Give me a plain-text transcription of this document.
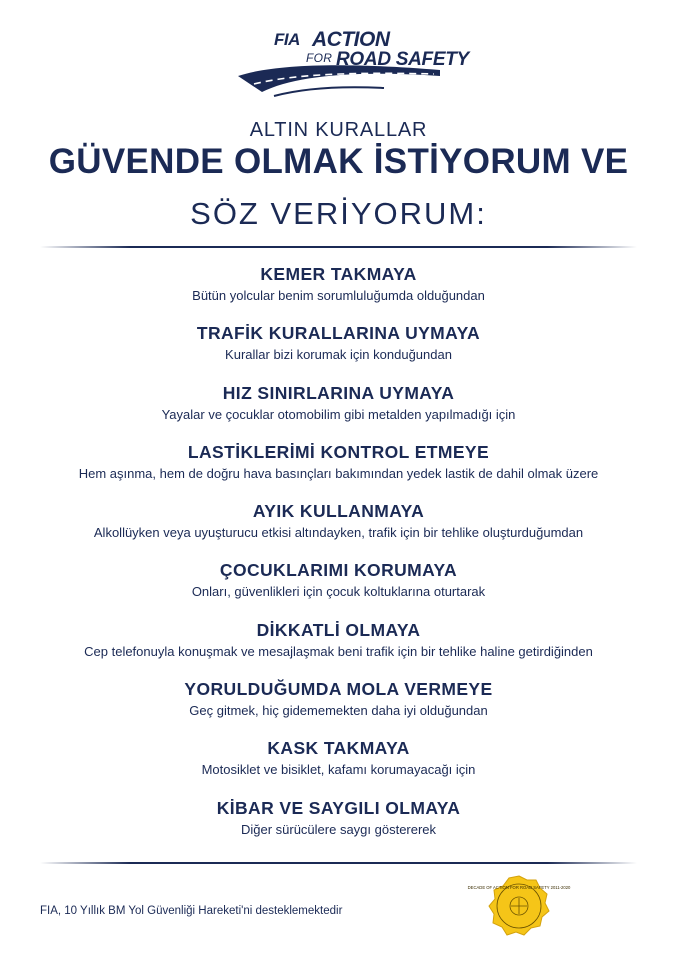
FIA ACTION
FOR ROAD SAFETY
ALTIN KURALLAR
GÜVENDE OLMAK İSTİYORUM VE
SÖZ VERİYORUM:
KEMER TAKMAYA
Bütün yolcular benim sorumluluğumda olduğundan
TRAFİK KURALLARINA UYMAYA
Kurallar bizi korumak için konduğundan
HIZ SINIRLARINA UYMAYA
Yayalar ve çocuklar otomobilim gibi metalden yapılmadığı için
LASTİKLERİMİ KONTROL ETMEYE
Hem aşınma, hem de doğru hava basınçları bakımından yedek lastik de dahil olmak üzere
AYIK KULLANMAYA
Alkollüyken veya uyuşturucu etkisi altındayken, trafik için bir tehlike oluşturduğumdan
ÇOCUKLARIMI KORUMAYA
Onları, güvenlikleri için çocuk koltuklarına oturtarak
DİKKATLİ OLMAYA
Cep telefonuyla konuşmak ve mesajlaşmak beni trafik için bir tehlike haline getirdiğinden
YORULDUĞUMDA MOLA VERMEYE
Geç gitmek, hiç gidememekten daha iyi olduğundan
KASK TAKMAYA
Motosiklet ve bisiklet, kafamı korumayacağı için
KİBAR VE SAYGILI OLMAYA
Diğer sürücülere saygı göstererek
FIA, 10 Yıllık BM Yol Güvenliği Hareketi'ni desteklemektedir
DECADE OF ACTION FOR ROAD SAFETY 2011-2020
